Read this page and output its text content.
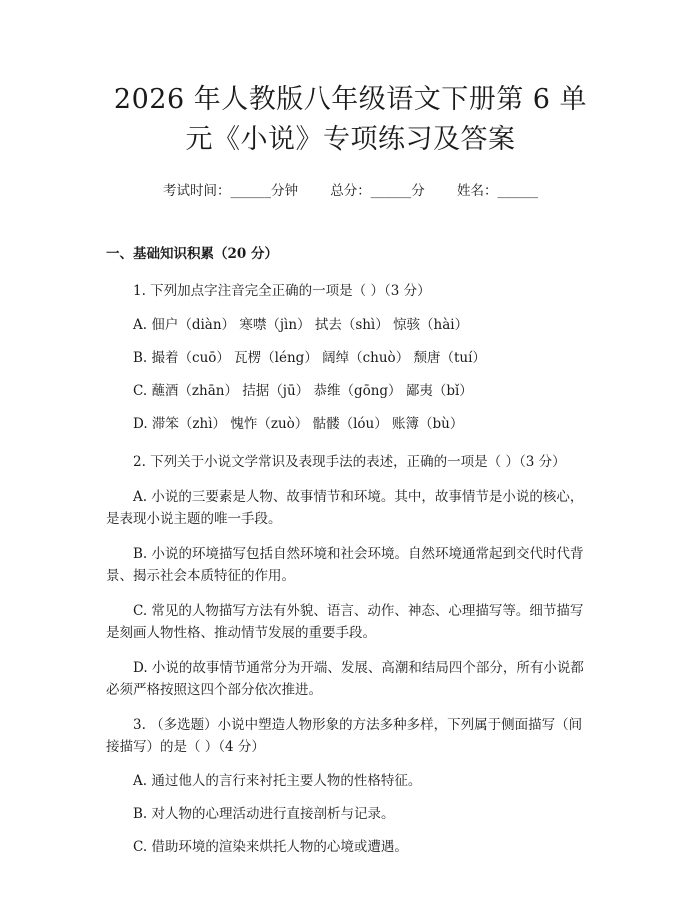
2026 年人教版八年级语文下册第 6 单元《小说》专项练习及答案
考试时间：______分钟 总分：______分 姓名：______
一、基础知识积累（20 分）
1. 下列加点字注音完全正确的一项是（ ）（3 分）
A. 佃户（diàn） 寒噤（jìn） 拭去（shì） 惊骇（hài）
B. 撮着（cuō） 瓦楞（léng） 阔绰（chuò） 颓唐（tuí）
C. 蘸酒（zhān） 拮据（jū） 恭维（gōng） 鄙夷（bǐ）
D. 滞笨（zhì） 愧怍（zuò） 骷髅（lóu） 账簿（bù）
2. 下列关于小说文学常识及表现手法的表述，正确的一项是（ ）（3 分）
A. 小说的三要素是人物、故事情节和环境。其中，故事情节是小说的核心，是表现小说主题的唯一手段。
B. 小说的环境描写包括自然环境和社会环境。自然环境通常起到交代时代背景、揭示社会本质特征的作用。
C. 常见的人物描写方法有外貌、语言、动作、神态、心理描写等。细节描写是刻画人物性格、推动情节发展的重要手段。
D. 小说的故事情节通常分为开端、发展、高潮和结局四个部分，所有小说都必须严格按照这四个部分依次推进。
3. （多选题）小说中塑造人物形象的方法多种多样，下列属于侧面描写（间接描写）的是（ ）（4 分）
A. 通过他人的言行来衬托主要人物的性格特征。
B. 对人物的心理活动进行直接剖析与记录。
C. 借助环境的渲染来烘托人物的心境或遭遇。
